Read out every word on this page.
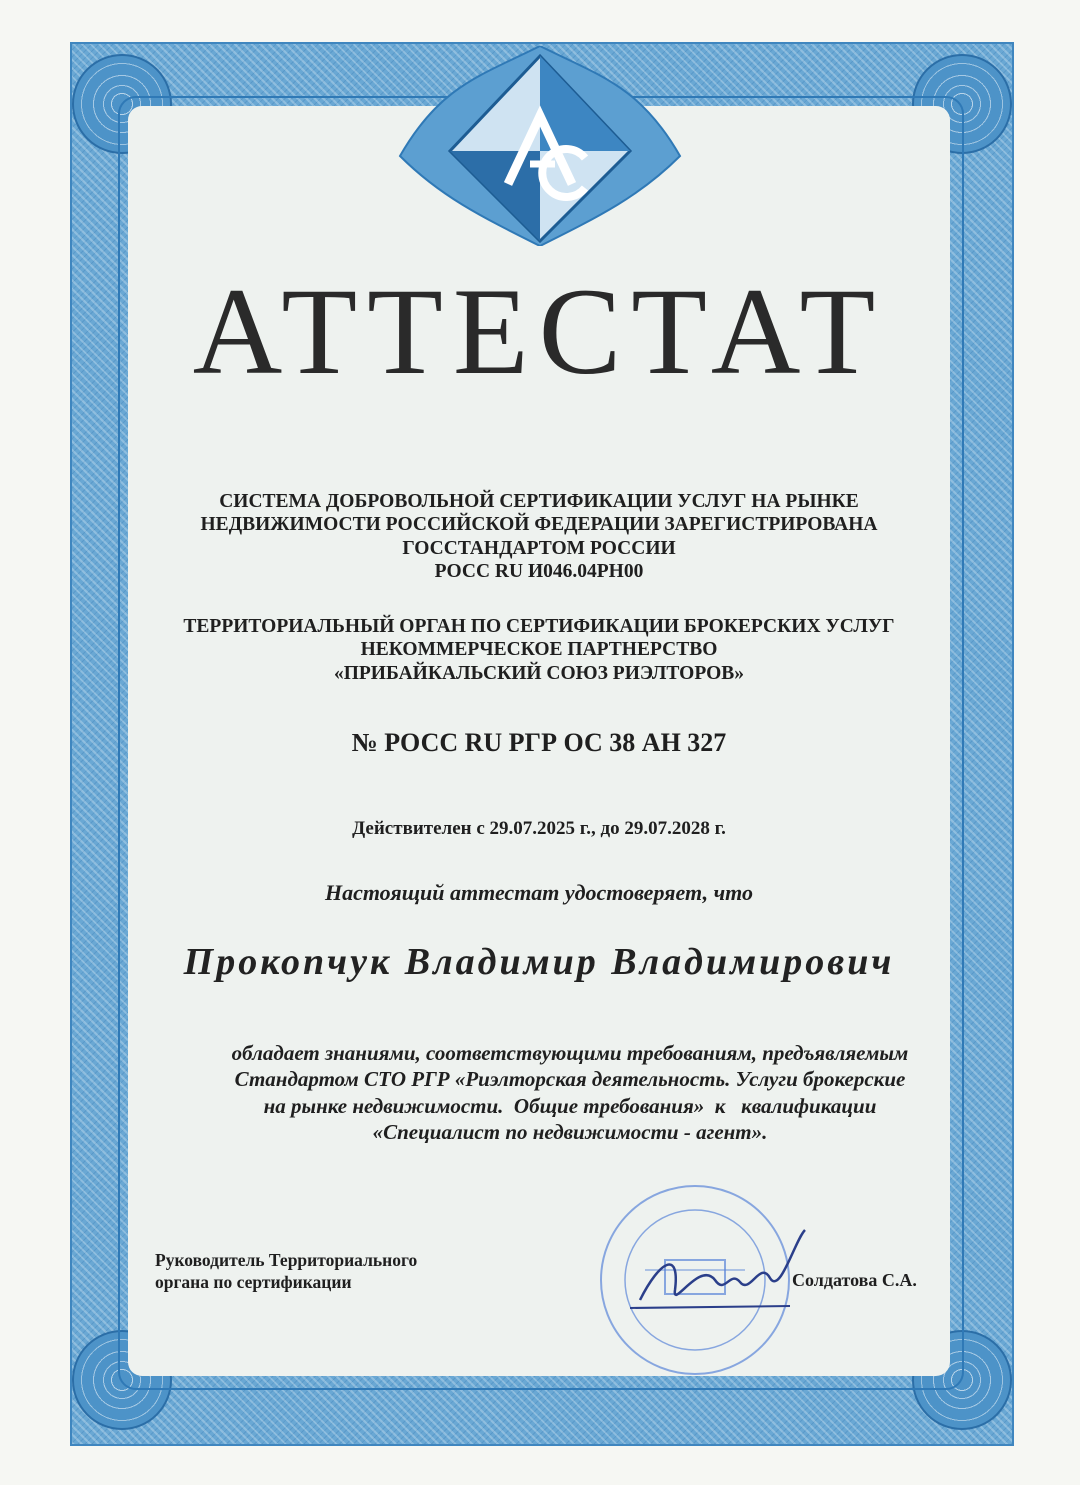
АТТЕСТАТ
СИСТЕМА ДОБРОВОЛЬНОЙ СЕРТИФИКАЦИИ УСЛУГ НА РЫНКЕ
НЕДВИЖИМОСТИ РОССИЙСКОЙ ФЕДЕРАЦИИ ЗАРЕГИСТРИРОВАНА
ГОССТАНДАРТОМ РОССИИ
РОСС RU И046.04РН00
ТЕРРИТОРИАЛЬНЫЙ ОРГАН ПО СЕРТИФИКАЦИИ БРОКЕРСКИХ УСЛУГ
НЕКОММЕРЧЕСКОЕ ПАРТНЕРСТВО
«ПРИБАЙКАЛЬСКИЙ СОЮЗ РИЭЛТОРОВ»
№ РОСС RU РГР ОС 38 АН 327
Действителен с 29.07.2025 г., до 29.07.2028 г.
Настоящий аттестат удостоверяет, что
Прокопчук Владимир Владимирович
обладает знаниями, соответствующими требованиям, предъявляемым
Стандартом СТО РГР «Риэлторская деятельность. Услуги брокерские
на рынке недвижимости.  Общие требования»  к   квалификации
«Специалист по недвижимости - агент».
Руководитель Территориального
органа по сертификации	Солдатова С.А.
